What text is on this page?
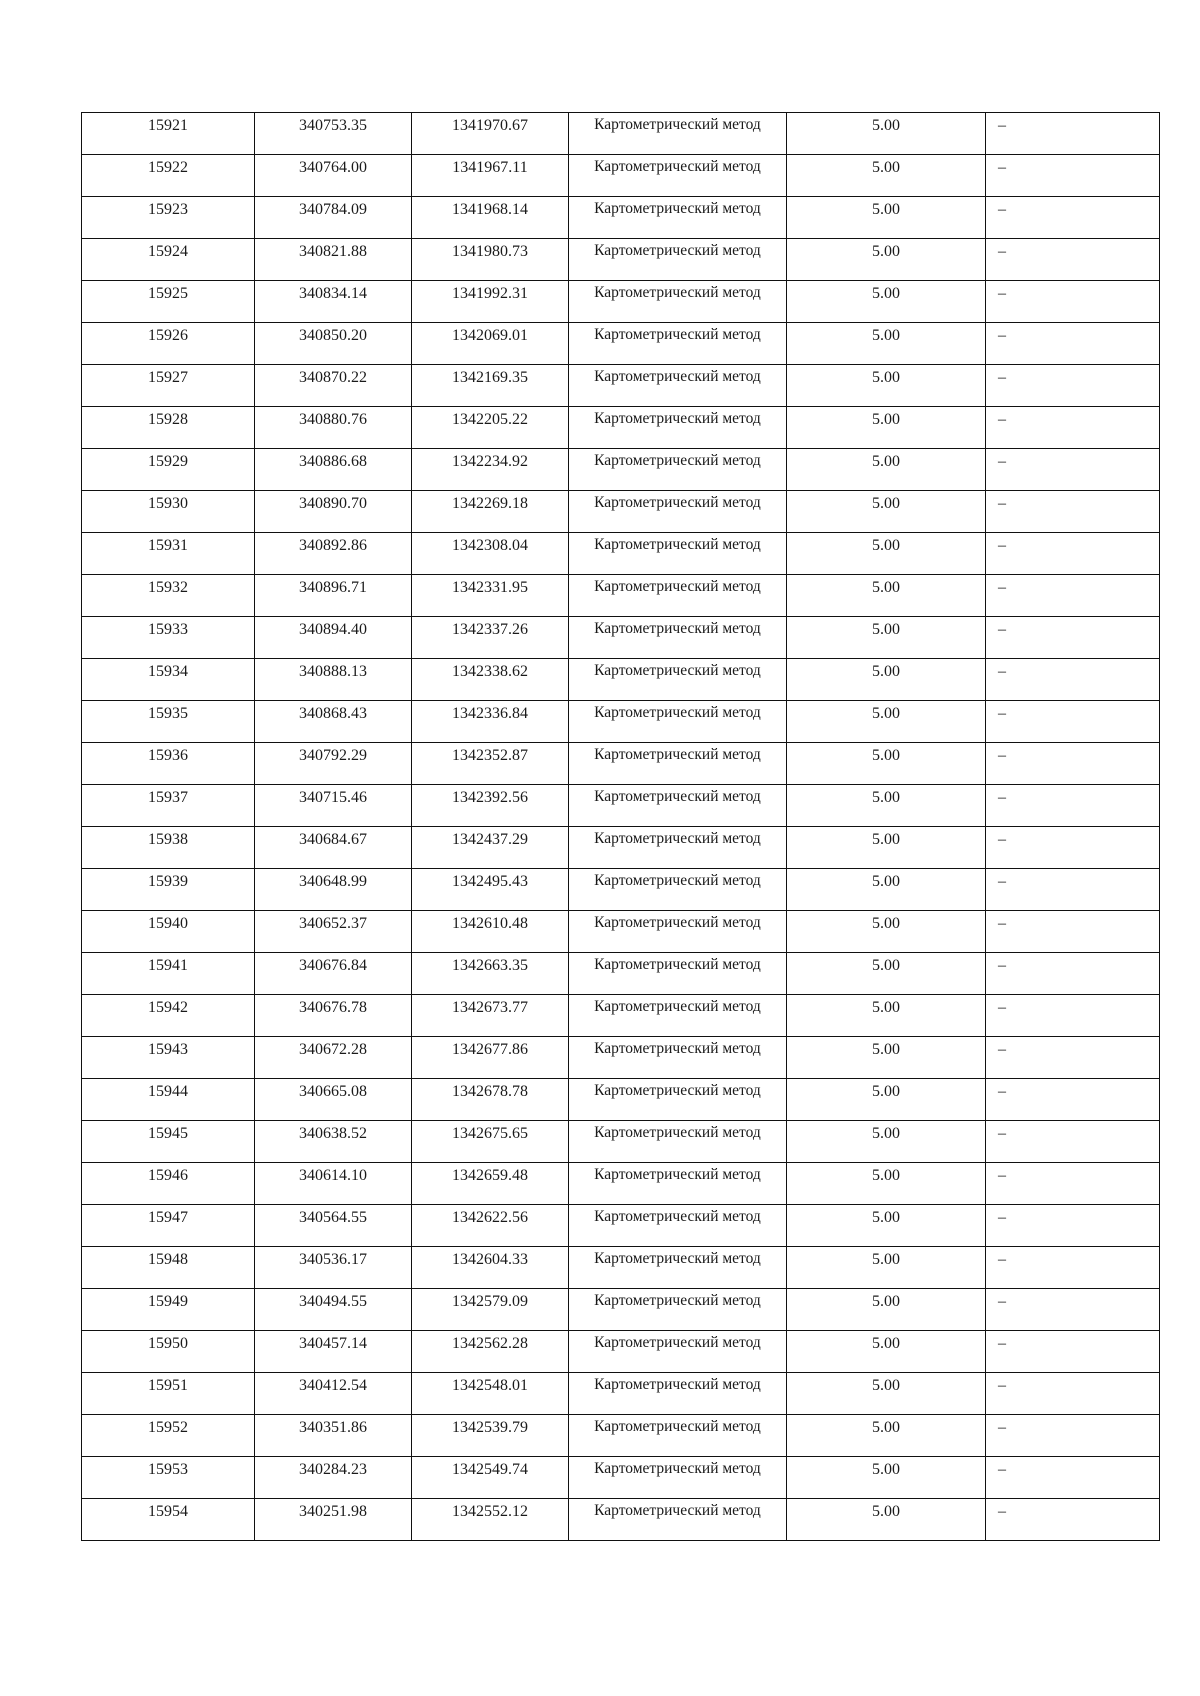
15921	340753.35	1341970.67	Картометрический метод	5.00	–
15922	340764.00	1341967.11	Картометрический метод	5.00	–
15923	340784.09	1341968.14	Картометрический метод	5.00	–
15924	340821.88	1341980.73	Картометрический метод	5.00	–
15925	340834.14	1341992.31	Картометрический метод	5.00	–
15926	340850.20	1342069.01	Картометрический метод	5.00	–
15927	340870.22	1342169.35	Картометрический метод	5.00	–
15928	340880.76	1342205.22	Картометрический метод	5.00	–
15929	340886.68	1342234.92	Картометрический метод	5.00	–
15930	340890.70	1342269.18	Картометрический метод	5.00	–
15931	340892.86	1342308.04	Картометрический метод	5.00	–
15932	340896.71	1342331.95	Картометрический метод	5.00	–
15933	340894.40	1342337.26	Картометрический метод	5.00	–
15934	340888.13	1342338.62	Картометрический метод	5.00	–
15935	340868.43	1342336.84	Картометрический метод	5.00	–
15936	340792.29	1342352.87	Картометрический метод	5.00	–
15937	340715.46	1342392.56	Картометрический метод	5.00	–
15938	340684.67	1342437.29	Картометрический метод	5.00	–
15939	340648.99	1342495.43	Картометрический метод	5.00	–
15940	340652.37	1342610.48	Картометрический метод	5.00	–
15941	340676.84	1342663.35	Картометрический метод	5.00	–
15942	340676.78	1342673.77	Картометрический метод	5.00	–
15943	340672.28	1342677.86	Картометрический метод	5.00	–
15944	340665.08	1342678.78	Картометрический метод	5.00	–
15945	340638.52	1342675.65	Картометрический метод	5.00	–
15946	340614.10	1342659.48	Картометрический метод	5.00	–
15947	340564.55	1342622.56	Картометрический метод	5.00	–
15948	340536.17	1342604.33	Картометрический метод	5.00	–
15949	340494.55	1342579.09	Картометрический метод	5.00	–
15950	340457.14	1342562.28	Картометрический метод	5.00	–
15951	340412.54	1342548.01	Картометрический метод	5.00	–
15952	340351.86	1342539.79	Картометрический метод	5.00	–
15953	340284.23	1342549.74	Картометрический метод	5.00	–
15954	340251.98	1342552.12	Картометрический метод	5.00	–
